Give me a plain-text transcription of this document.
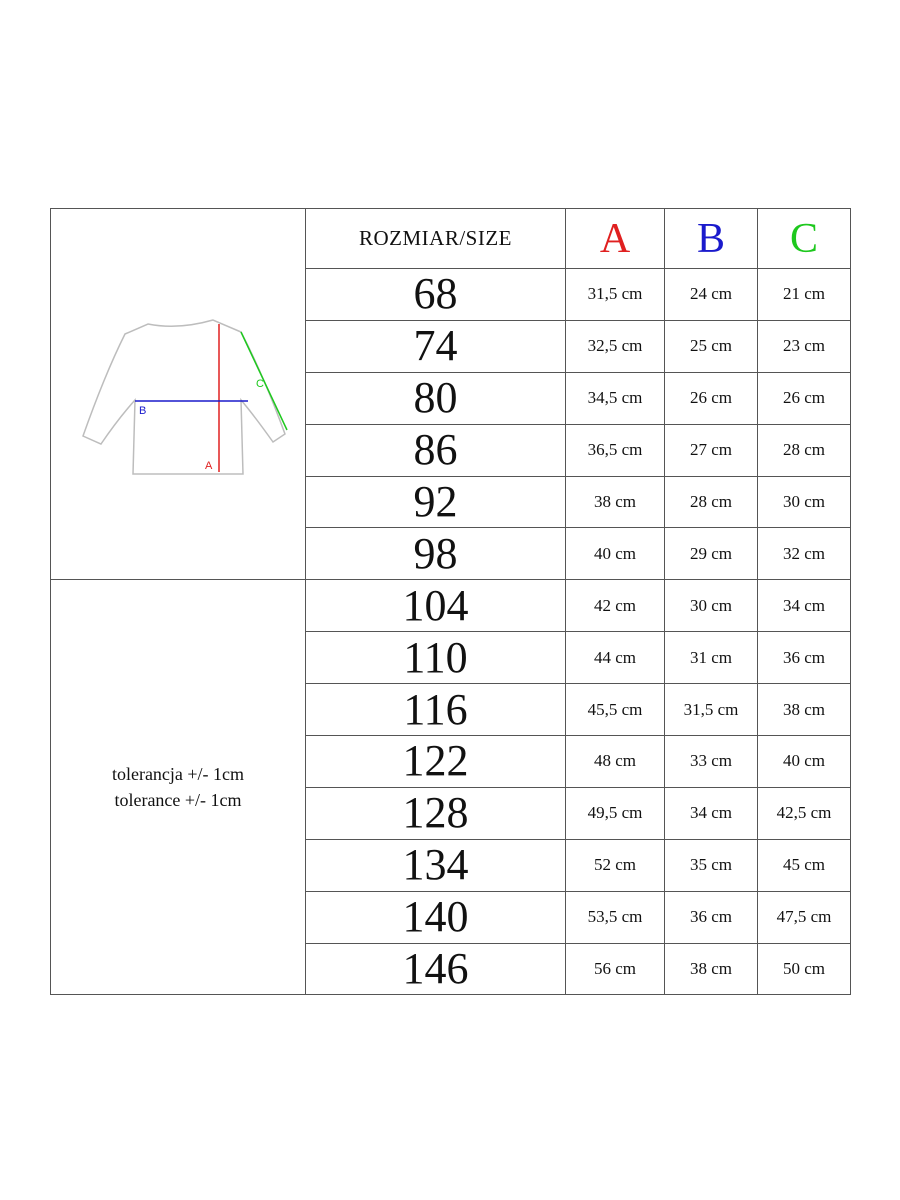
A
B
C	ROZMIAR/SIZE	A	B	C
	68	31,5 cm	24 cm	21 cm
	74	32,5 cm	25 cm	23 cm
	80	34,5 cm	26 cm	26 cm
	86	36,5 cm	27 cm	28 cm
	92	38 cm	28 cm	30 cm
	98	40 cm	29 cm	32 cm

tolerancja +/- 1cm
tolerance +/- 1cm	104	42 cm	30 cm	34 cm
	110	44 cm	31 cm	36 cm
	116	45,5 cm	31,5 cm	38 cm
	122	48 cm	33 cm	40 cm
	128	49,5 cm	34 cm	42,5 cm
	134	52 cm	35 cm	45 cm
	140	53,5 cm	36 cm	47,5 cm
	146	56 cm	38 cm	50 cm
